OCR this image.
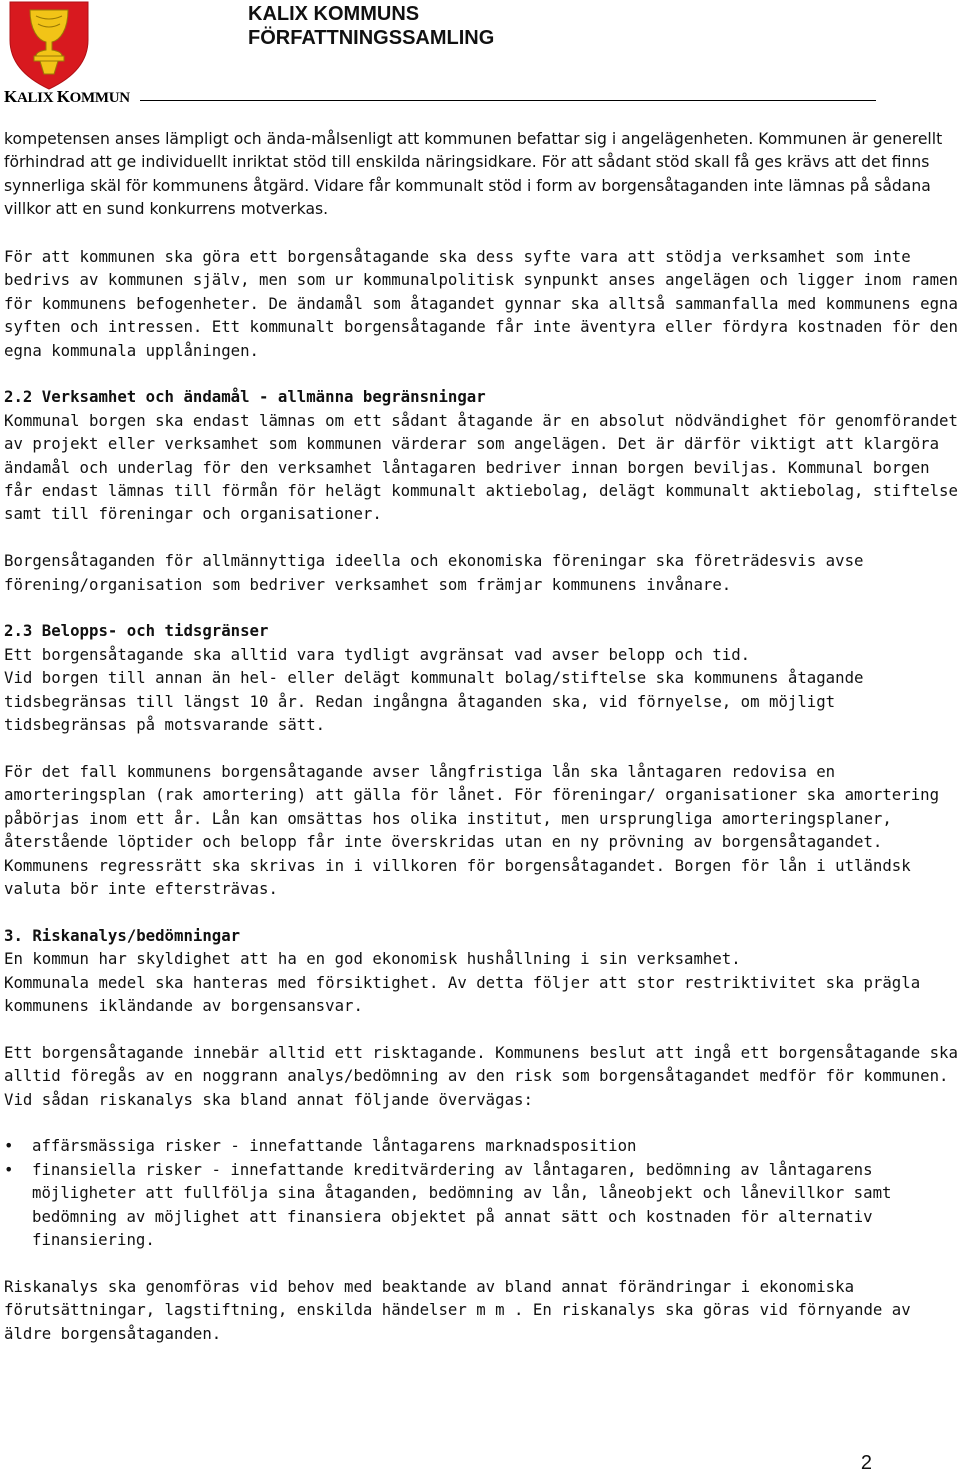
KALIX KOMMUNS
FÖRFATTNINGSSAMLING
KALIX KOMMUN

kompetensen anses lämpligt och ända-målsenligt att kommunen befattar sig i angelägenheten. Kommunen är generellt förhindrad att ge individuellt inriktat stöd till enskilda näringsidkare. För att sådant stöd skall få ges krävs att det finns synnerliga skäl för kommunens åtgärd. Vidare får kommunalt stöd i form av borgensåtaganden inte lämnas på sådana villkor att en sund konkurrens motverkas.

För att kommunen ska göra ett borgensåtagande ska dess syfte vara att stödja verksamhet som inte bedrivs av kommunen själv, men som ur kommunalpolitisk synpunkt anses angelägen och ligger inom ramen för kommunens befogenheter. De ändamål som åtagandet gynnar ska alltså sammanfalla med kommunens egna syften och intressen. Ett kommunalt borgensåtagande får inte äventyra eller fördyra kostnaden för den egna kommunala upplåningen.

2.2 Verksamhet och ändamål - allmänna begränsningar

Kommunal borgen ska endast lämnas om ett sådant åtagande är en absolut nödvändighet för genomförandet av projekt eller verksamhet som kommunen värderar som angelägen. Det är därför viktigt att klargöra ändamål och underlag för den verksamhet låntagaren bedriver innan borgen beviljas. Kommunal borgen får endast lämnas till förmån för helägt kommunalt aktiebolag, delägt kommunalt aktiebolag, stiftelse samt till föreningar och organisationer.

Borgensåtaganden för allmännyttiga ideella och ekonomiska föreningar ska företrädesvis avse förening/organisation som bedriver verksamhet som främjar kommunens invånare.

2.3 Belopps- och tidsgränser

Ett borgensåtagande ska alltid vara tydligt avgränsat vad avser belopp och tid.

Vid borgen till annan än hel- eller delägt kommunalt bolag/stiftelse ska kommunens åtagande tidsbegränsas till längst 10 år. Redan ingångna åtaganden ska, vid förnyelse, om möjligt tidsbegränsas på motsvarande sätt.

För det fall kommunens borgensåtagande avser långfristiga lån ska låntagaren redovisa en amorteringsplan (rak amortering) att gälla för lånet. För föreningar/ organisationer ska amortering påbörjas inom ett år. Lån kan omsättas hos olika institut, men ursprungliga amorteringsplaner, återstående löptider och belopp får inte överskridas utan en ny prövning av borgensåtagandet. Kommunens regressrätt ska skrivas in i villkoren för borgensåtagandet. Borgen för lån i utländsk valuta bör inte eftersträvas.

3. Riskanalys/bedömningar

En kommun har skyldighet att ha en god ekonomisk hushållning i sin verksamhet.

Kommunala medel ska hanteras med försiktighet. Av detta följer att stor restriktivitet ska prägla kommunens ikländande av borgensansvar.

Ett borgensåtagande innebär alltid ett risktagande. Kommunens beslut att ingå ett borgensåtagande ska alltid föregås av en noggrann analys/bedömning av den risk som borgensåtagandet medför för kommunen. Vid sådan riskanalys ska bland annat följande övervägas:

• affärsmässiga risker - innefattande låntagarens marknadsposition
• finansiella risker - innefattande kreditvärdering av låntagaren, bedömning av låntagarens möjligheter att fullfölja sina åtaganden, bedömning av lån, låneobjekt och lånevillkor samt bedömning av möjlighet att finansiera objektet på annat sätt och kostnaden för alternativ finansiering.

Riskanalys ska genomföras vid behov med beaktande av bland annat förändringar i ekonomiska förutsättningar, lagstiftning, enskilda händelser m m . En riskanalys ska göras vid förnyande av äldre borgensåtaganden.

2
